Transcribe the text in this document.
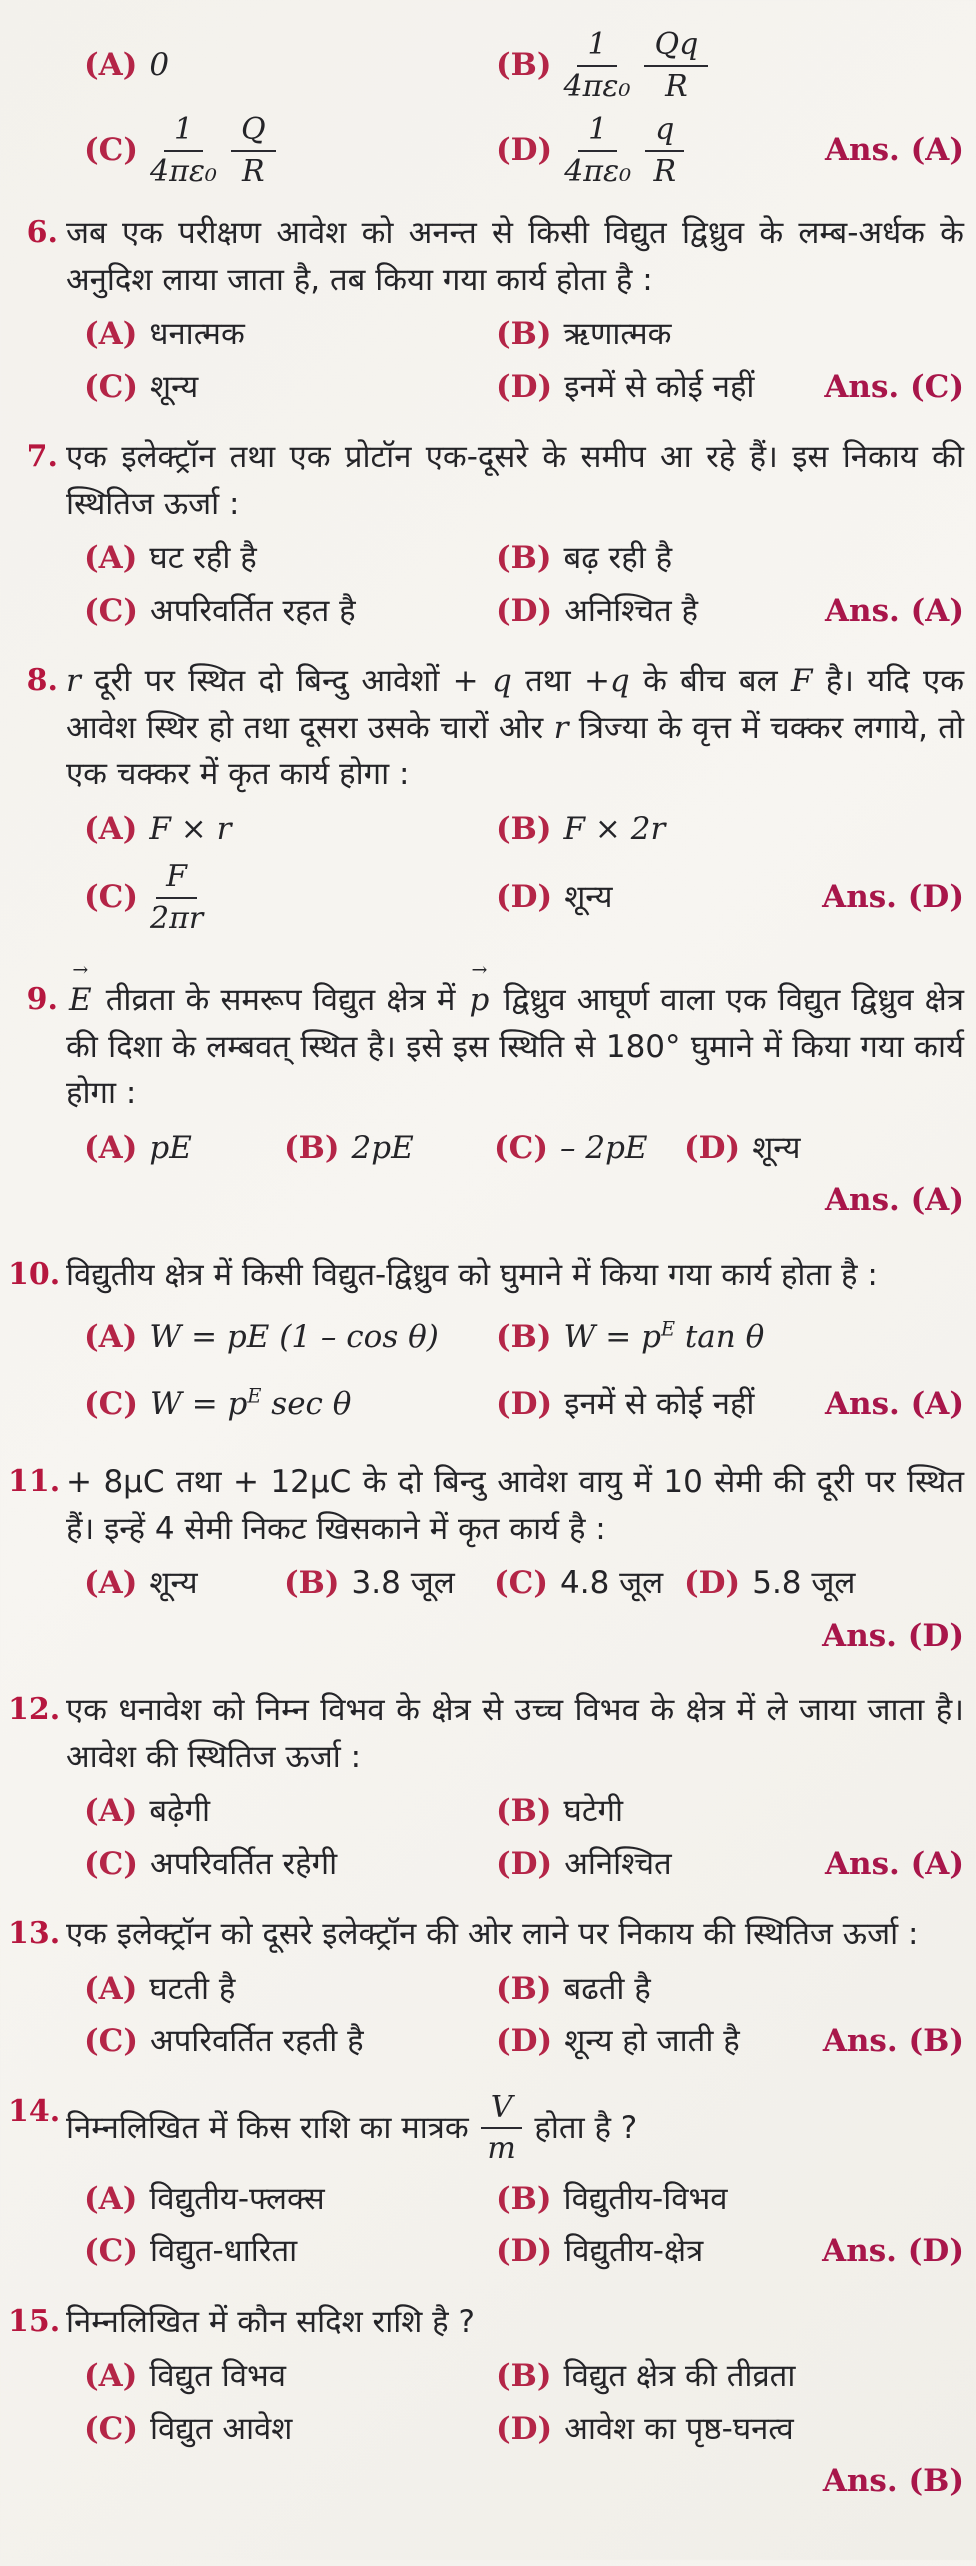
(A) 0	$(B) \frac{1}{\text{4πε₀}} \frac{Qq}{R}$
$(C) \frac{1}{\text{4πε₀}} \frac{Q}{R}$	$(D) \frac{1}{\text{4πε₀}} \frac{q}{R}$	Ans. (A)
6. जब एक परीक्षण आवेश को अनन्त से किसी विद्युत द्विध्रुव के लम्ब-अर्धक के अनुदिश लाया जाता है, तब किया गया कार्य होता है :
(A) धनात्मक	(B) ऋणात्मक
(C) शून्य	(D) इनमें से कोई नहीं	Ans. (C)
7. एक इलेक्ट्रॉन तथा एक प्रोटॉन एक-दूसरे के समीप आ रहे हैं। इस निकाय की स्थितिज ऊर्जा :
(A) घट रही है	(B) बढ़ रही है
(C) अपरिवर्तित रहत है	(D) अनिश्चित है	Ans. (A)
8. r दूरी पर स्थित दो बिन्दु आवेशों + q तथा +q के बीच बल F है। यदि एक आवेश स्थिर हो तथा दूसरा उसके चारों ओर r त्रिज्या के वृत्त में चक्कर लगाये, तो एक चक्कर में कृत कार्य होगा :
(A) F × r	(B) F × 2r
$(C) \frac{F}{2\pi r}$	(D) शून्य	Ans. (D)
9. → E तीव्रता के समरूप विद्युत क्षेत्र में → p द्विध्रुव आघूर्ण वाला एक विद्युत द्विध्रुव क्षेत्र की दिशा के लम्बवत् स्थित है। इसे इस स्थिति से 180° घुमाने में किया गया कार्य होगा :
(A) pE	(B) 2pE	(C) – 2pE (D) शून्य
Ans. (A)
10. विद्युतीय क्षेत्र में किसी विद्युत-द्विध्रुव को घुमाने में किया गया कार्य होता है :
(A) W = pE (1 – cos θ) (B) $W = p^E$ tan θ
(C) $W = p^E$ sec θ	(D) इनमें से कोई नहीं	Ans. (A)
11. + 8μC तथा + 12μC के दो बिन्दु आवेश वायु में 10 सेमी की दूरी पर स्थित हैं। इन्हें 4 सेमी निकट खिसकाने में कृत कार्य है :
(A) शून्य	(B) 3.8 जूल (C) 4.8 जूल (D) 5.8 जूल
Ans. (D)
12. एक धनावेश को निम्न विभव के क्षेत्र से उच्च विभव के क्षेत्र में ले जाया जाता है। आवेश की स्थितिज ऊर्जा :
(A) बढ़ेगी	(B) घटेगी
(C) अपरिवर्तित रहेगी	(D) अनिश्चित	Ans. (A)
13. एक इलेक्ट्रॉन को दूसरे इलेक्ट्रॉन की ओर लाने पर निकाय की स्थितिज ऊर्जा :
(A) घटती है	(B) बढती है
(C) अपरिवर्तित रहती है	(D) शून्य हो जाती है	Ans. (B)
14. निम्नलिखित में किस राशि का मात्रक $\frac{V}{m}$ होता है ?
(A) विद्युतीय-फ्लक्स	(B) विद्युतीय-विभव
(C) विद्युत-धारिता	(D) विद्युतीय-क्षेत्र	Ans. (D)
15. निम्नलिखित में कौन सदिश राशि है ?
(A) विद्युत विभव	(B) विद्युत क्षेत्र की तीव्रता
(C) विद्युत आवेश	(D) आवेश का पृष्ठ-घनत्व
Ans. (B)
